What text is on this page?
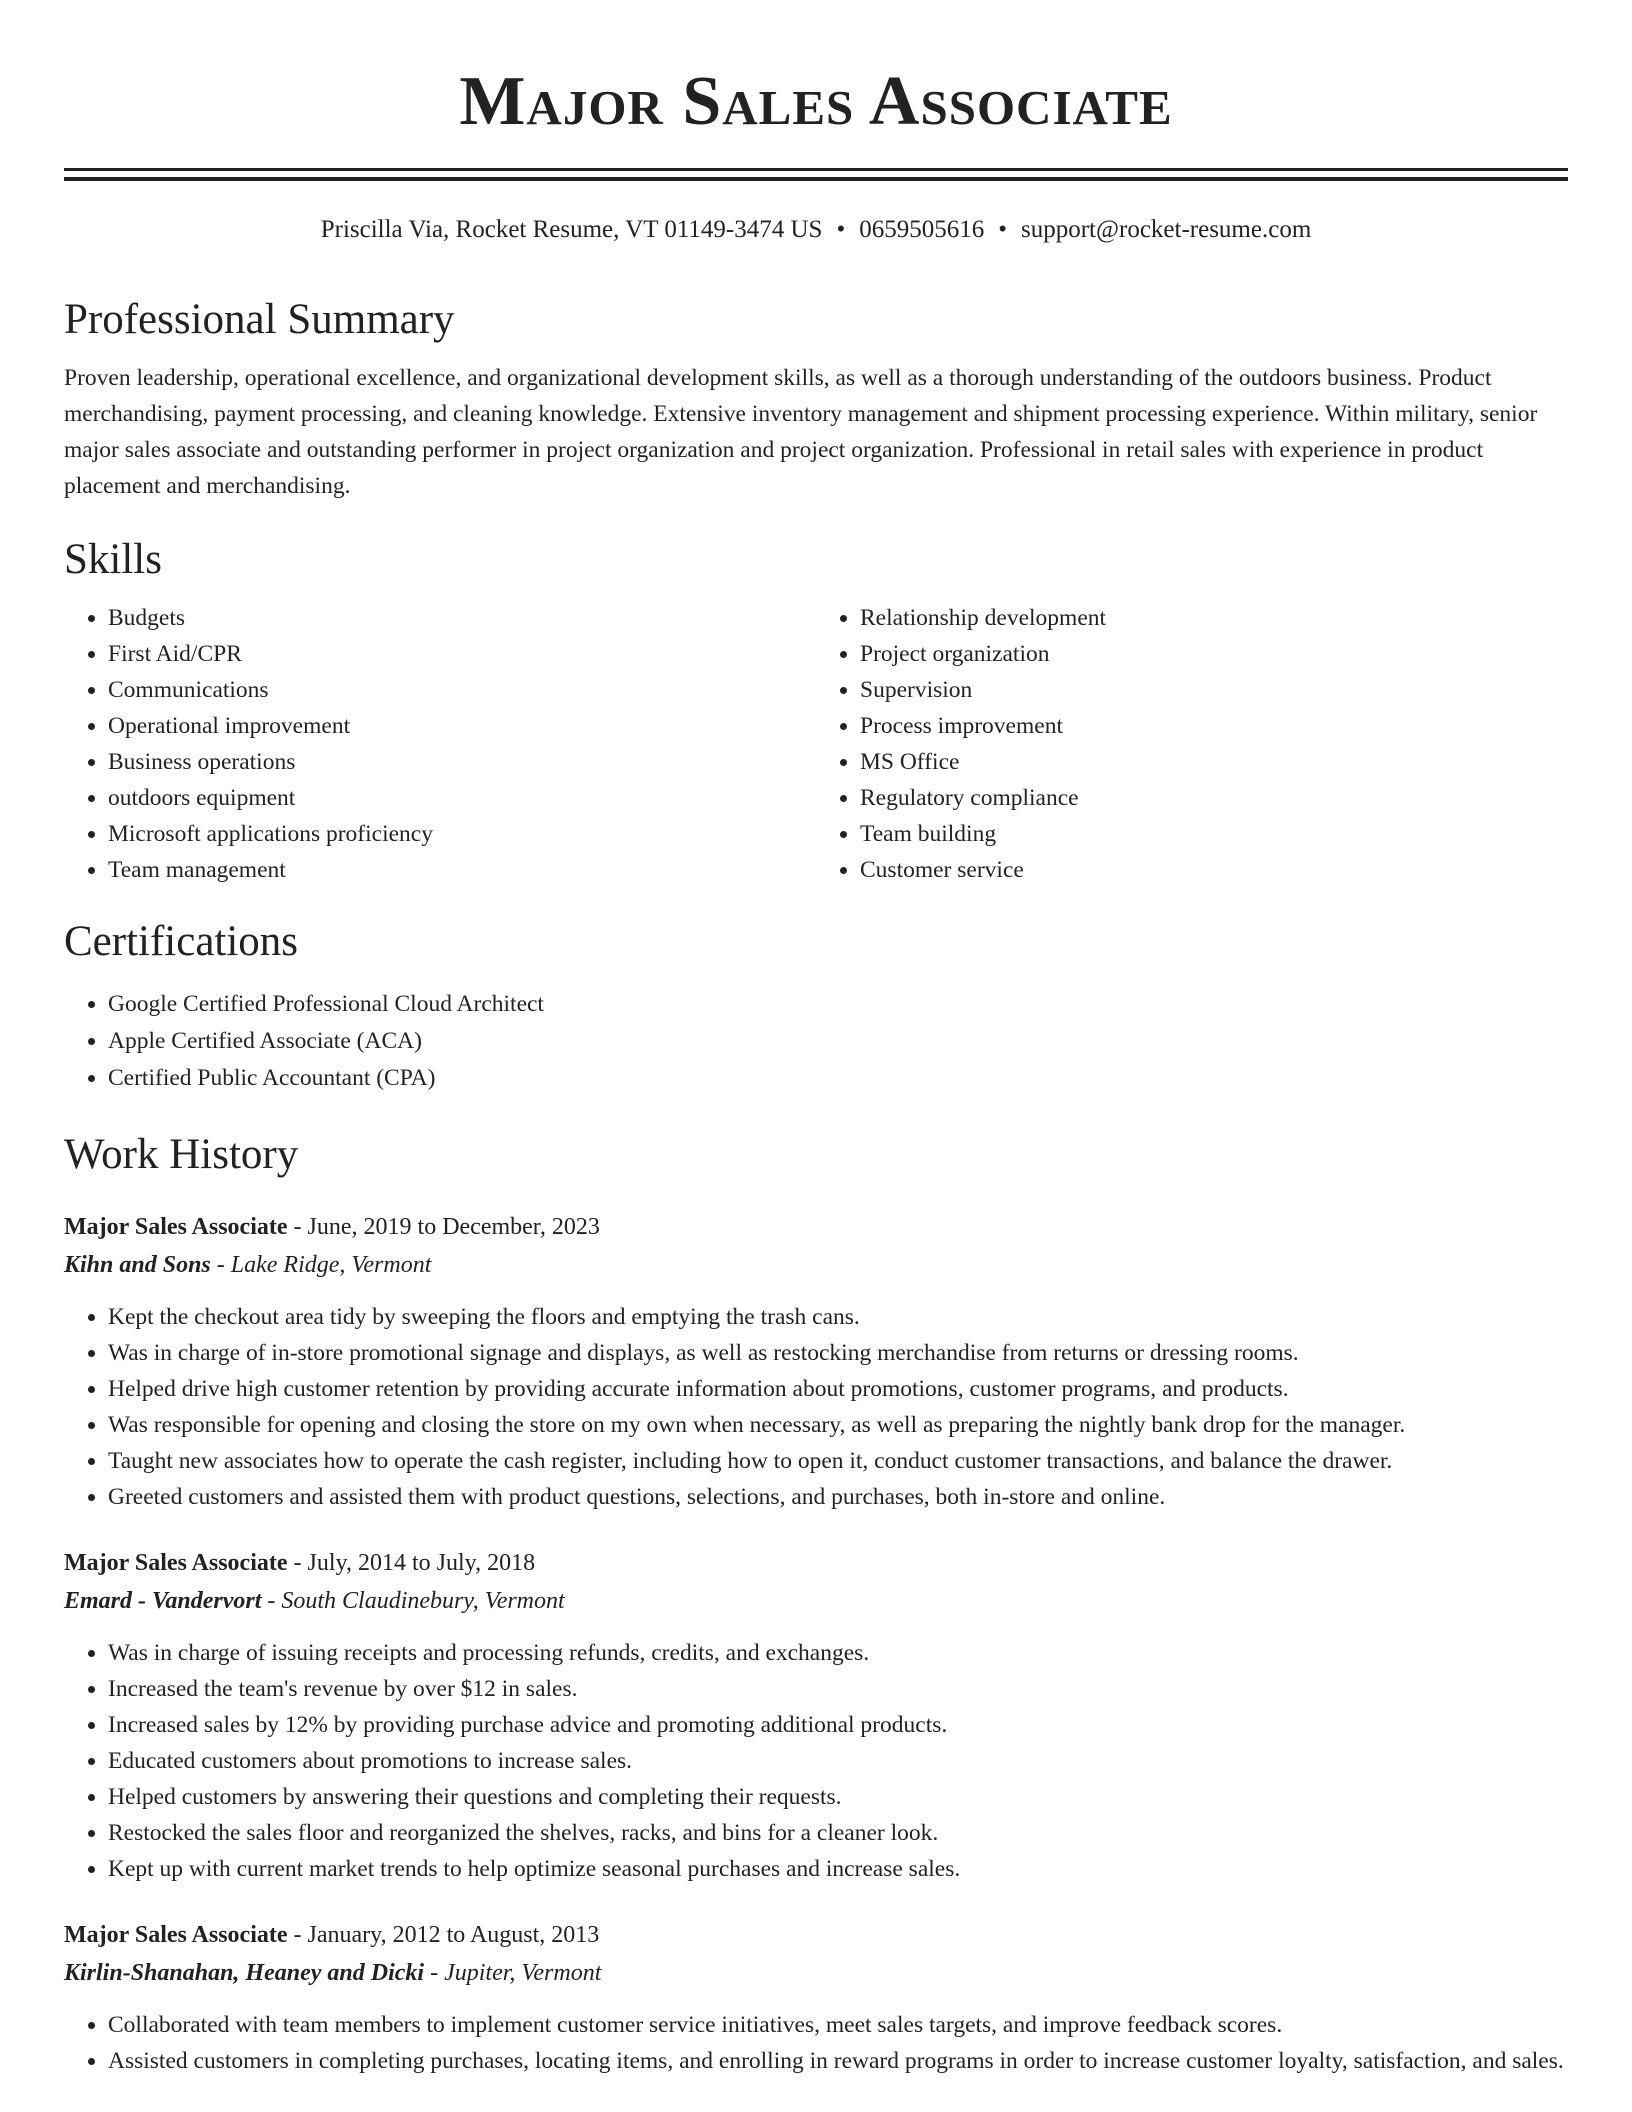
Major Sales Associate
Priscilla Via, Rocket Resume, VT 01149-3474 US • 0659505616 • support@rocket-resume.com
Professional Summary

Proven leadership, operational excellence, and organizational development skills, as well as a thorough understanding of the outdoors business. Product merchandising, payment processing, and cleaning knowledge. Extensive inventory management and shipment processing experience. Within military, senior major sales associate and outstanding performer in project organization and project organization. Professional in retail sales with experience in product placement and merchandising.

Skills
• Budgets
• First Aid/CPR
• Communications
• Operational improvement
• Business operations
• outdoors equipment
• Microsoft applications proficiency
• Team management
• Relationship development
• Project organization
• Supervision
• Process improvement
• MS Office
• Regulatory compliance
• Team building
• Customer service
Certifications
• Google Certified Professional Cloud Architect
• Apple Certified Associate (ACA)
• Certified Public Accountant (CPA)
Work History

Major Sales Associate - June, 2019 to December, 2023

Kihn and Sons - Lake Ridge, Vermont

• Kept the checkout area tidy by sweeping the floors and emptying the trash cans.
• Was in charge of in-store promotional signage and displays, as well as restocking merchandise from returns or dressing rooms.
• Helped drive high customer retention by providing accurate information about promotions, customer programs, and products.
• Was responsible for opening and closing the store on my own when necessary, as well as preparing the nightly bank drop for the manager.
• Taught new associates how to operate the cash register, including how to open it, conduct customer transactions, and balance the drawer.
• Greeted customers and assisted them with product questions, selections, and purchases, both in-store and online.

Major Sales Associate - July, 2014 to July, 2018

Emard - Vandervort - South Claudinebury, Vermont

• Was in charge of issuing receipts and processing refunds, credits, and exchanges.
• Increased the team's revenue by over $12 in sales.
• Increased sales by 12% by providing purchase advice and promoting additional products.
• Educated customers about promotions to increase sales.
• Helped customers by answering their questions and completing their requests.
• Restocked the sales floor and reorganized the shelves, racks, and bins for a cleaner look.
• Kept up with current market trends to help optimize seasonal purchases and increase sales.

Major Sales Associate - January, 2012 to August, 2013

Kirlin-Shanahan, Heaney and Dicki - Jupiter, Vermont

• Collaborated with team members to implement customer service initiatives, meet sales targets, and improve feedback scores.
• Assisted customers in completing purchases, locating items, and enrolling in reward programs in order to increase customer loyalty, satisfaction, and sales.
